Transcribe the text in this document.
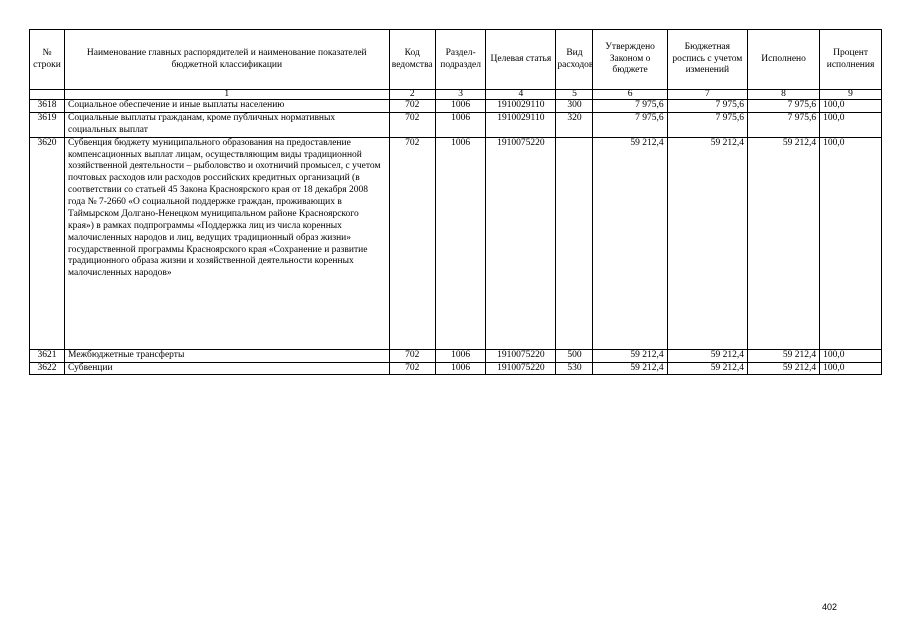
№ строки	Наименование главных распорядителей и наименование показателей бюджетной классификации	Код ведомства	Раздел-подраздел	Целевая статья	Вид расходов	Утверждено Законом о бюджете	Бюджетная роспись с учетом изменений	Исполнено	Процент исполнения
	1	2	3	4	5	6	7	8	9
3618	Социальное обеспечение и иные выплаты населению	702	1006	1910029110	300	7 975,6	7 975,6	7 975,6	100,0
3619	Социальные выплаты гражданам, кроме публичных нормативных социальных выплат	702	1006	1910029110	320	7 975,6	7 975,6	7 975,6	100,0
3620	Субвенция бюджету муниципального образования на предоставление компенсационных выплат лицам, осуществляющим виды традиционной хозяйственной деятельности – рыболовство и охотничий промысел, с учетом почтовых расходов или расходов российских кредитных организаций (в соответствии со статьей 45 Закона Красноярского края от 18 декабря 2008 года № 7-2660 «О социальной поддержке граждан, проживающих в Таймырском Долгано-Ненецком муниципальном районе Красноярского края») в рамках подпрограммы «Поддержка лиц из числа коренных малочисленных народов и лиц, ведущих традиционный образ жизни» государственной программы Красноярского края «Сохранение и развитие традиционного образа жизни и хозяйственной деятельности коренных малочисленных народов»	702	1006	1910075220		59 212,4	59 212,4	59 212,4	100,0
3621	Межбюджетные трансферты	702	1006	1910075220	500	59 212,4	59 212,4	59 212,4	100,0
3622	Субвенции	702	1006	1910075220	530	59 212,4	59 212,4	59 212,4	100,0
402
